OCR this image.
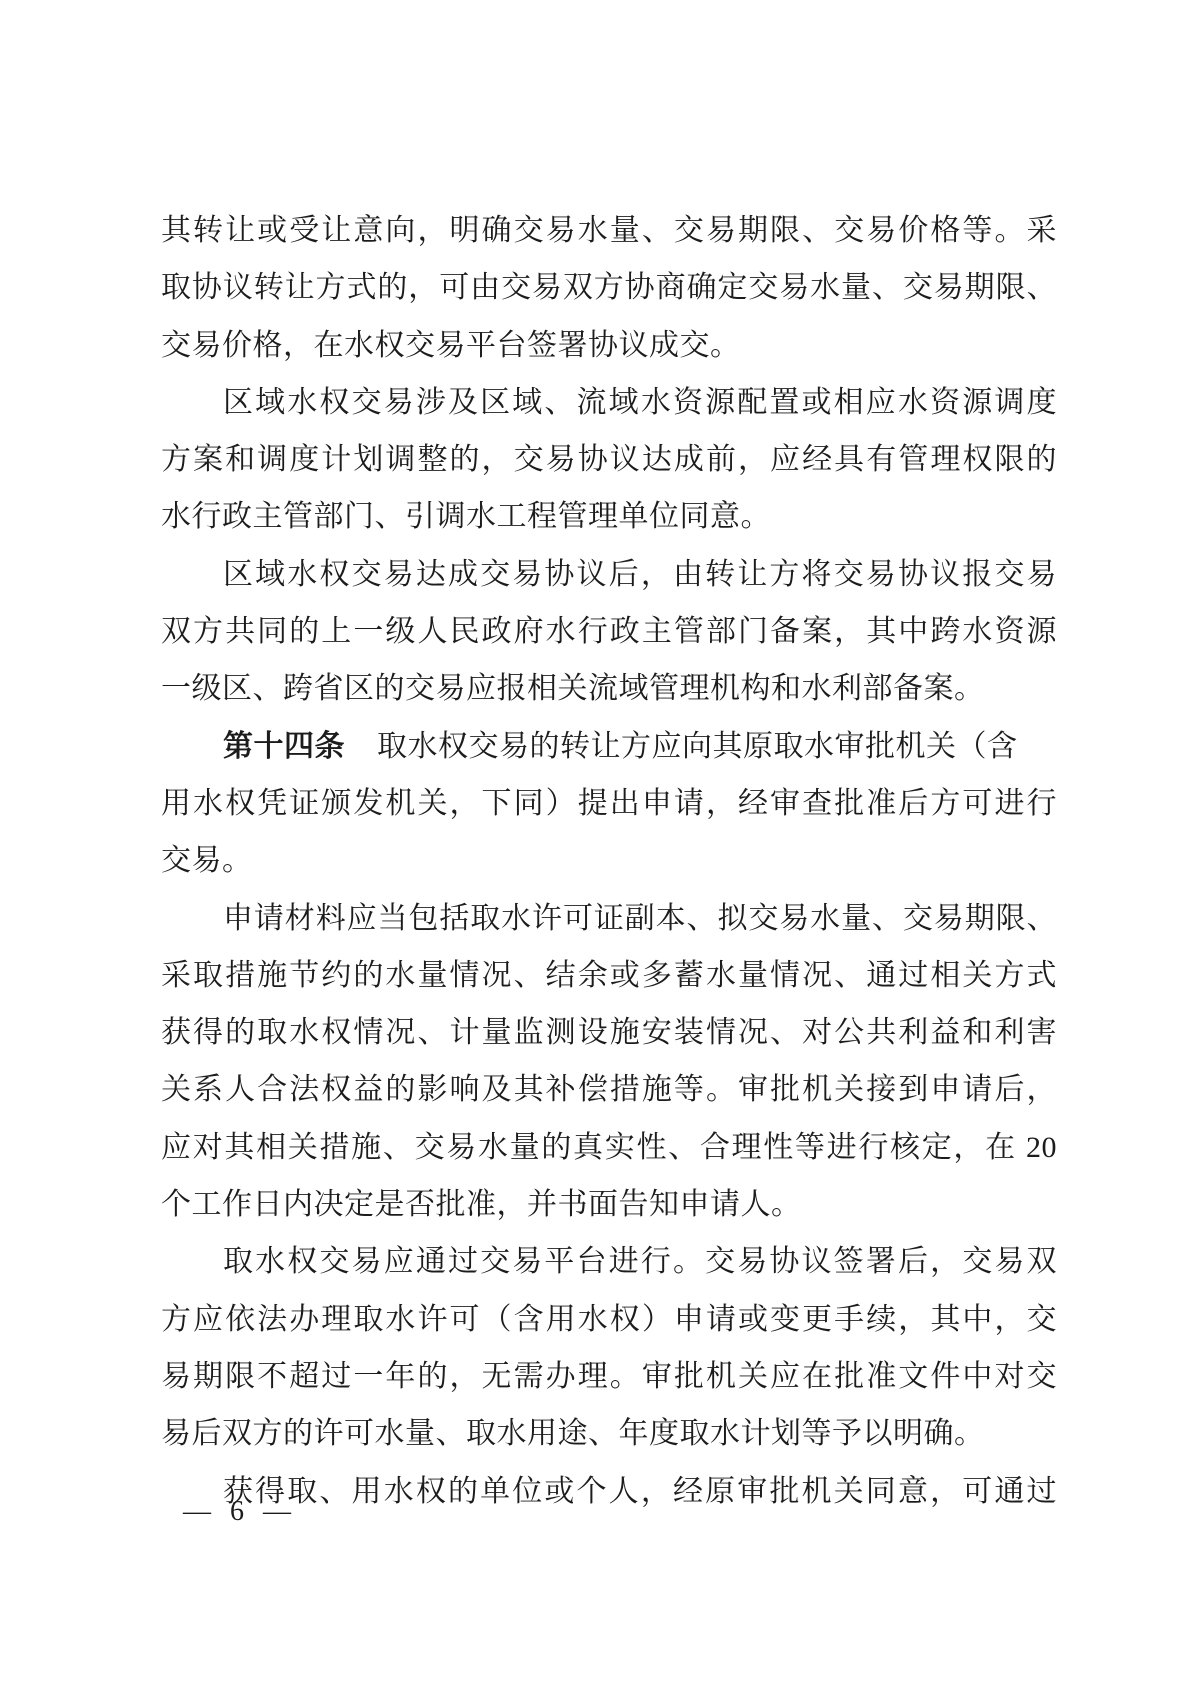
其转让或受让意向，明确交易水量、交易期限、交易价格等。采
取协议转让方式的，可由交易双方协商确定交易水量、交易期限、
交易价格，在水权交易平台签署协议成交。
区域水权交易涉及区域、流域水资源配置或相应水资源调度
方案和调度计划调整的，交易协议达成前，应经具有管理权限的
水行政主管部门、引调水工程管理单位同意。
区域水权交易达成交易协议后，由转让方将交易协议报交易
双方共同的上一级人民政府水行政主管部门备案，其中跨水资源
一级区、跨省区的交易应报相关流域管理机构和水利部备案。
第十四条 取水权交易的转让方应向其原取水审批机关（含
用水权凭证颁发机关，下同）提出申请，经审查批准后方可进行
交易。
申请材料应当包括取水许可证副本、拟交易水量、交易期限、
采取措施节约的水量情况、结余或多蓄水量情况、通过相关方式
获得的取水权情况、计量监测设施安装情况、对公共利益和利害
关系人合法权益的影响及其补偿措施等。审批机关接到申请后，
应对其相关措施、交易水量的真实性、合理性等进行核定，在 20
个工作日内决定是否批准，并书面告知申请人。
取水权交易应通过交易平台进行。交易协议签署后，交易双
方应依法办理取水许可（含用水权）申请或变更手续，其中，交
易期限不超过一年的，无需办理。审批机关应在批准文件中对交
易后双方的许可水量、取水用途、年度取水计划等予以明确。
获得取、用水权的单位或个人，经原审批机关同意，可通过
— 6 —
